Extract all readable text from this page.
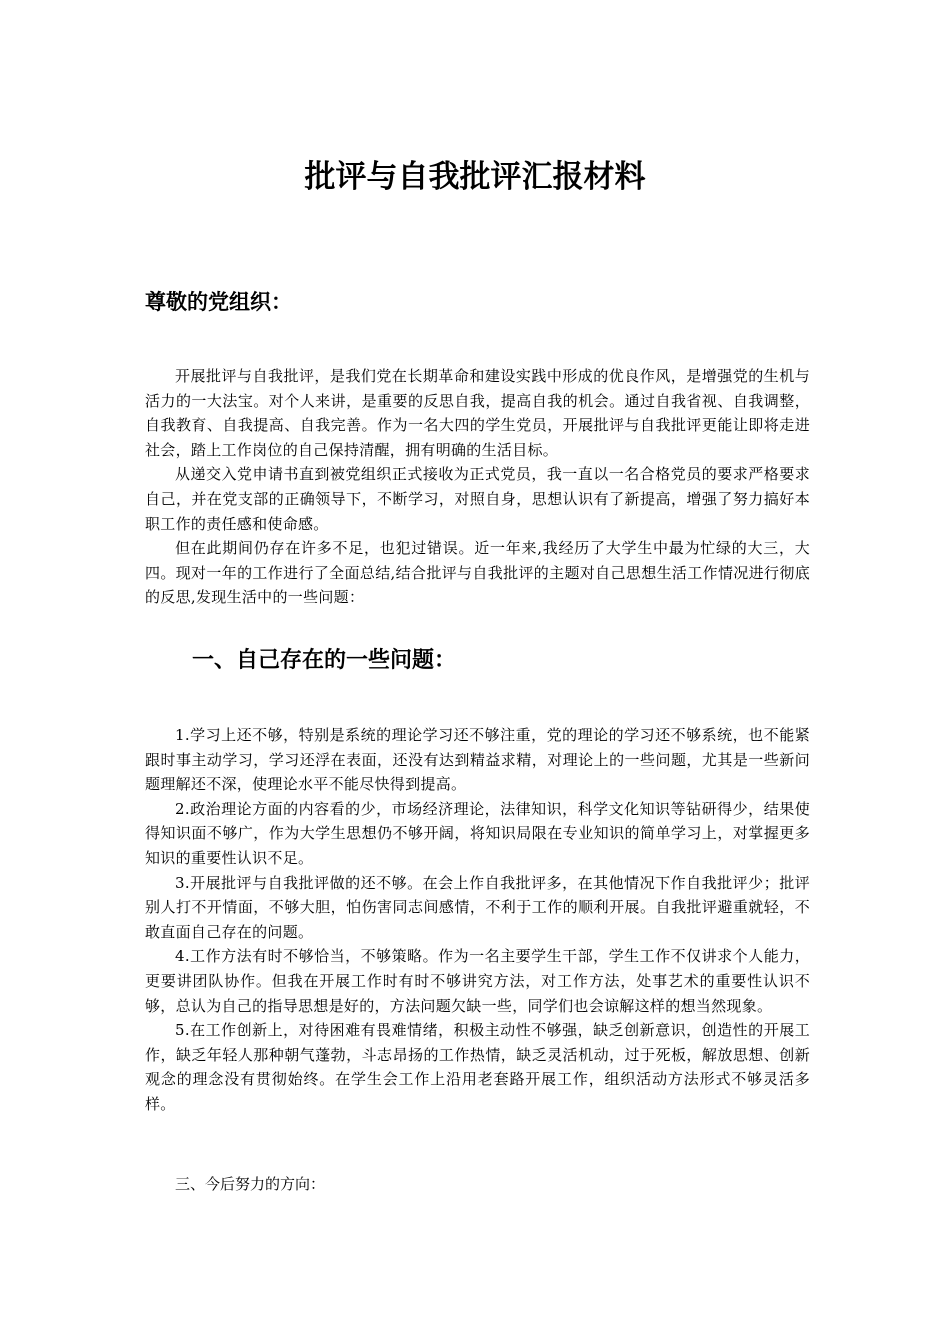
批评与自我批评汇报材料
尊敬的党组织：

开展批评与自我批评，是我们党在长期革命和建设实践中形成的优良作风，是增强党的生机与活力的一大法宝。对个人来讲，是重要的反思自我，提高自我的机会。通过自我省视、自我调整，自我教育、自我提高、自我完善。作为一名大四的学生党员，开展批评与自我批评更能让即将走进社会，踏上工作岗位的自己保持清醒，拥有明确的生活目标。

从递交入党申请书直到被党组织正式接收为正式党员，我一直以一名合格党员的要求严格要求自己，并在党支部的正确领导下，不断学习，对照自身，思想认识有了新提高，增强了努力搞好本职工作的责任感和使命感。

但在此期间仍存在许多不足，也犯过错误。近一年来,我经历了大学生中最为忙绿的大三，大四。现对一年的工作进行了全面总结,结合批评与自我批评的主题对自己思想生活工作情况进行彻底的反思,发现生活中的一些问题：

一、自己存在的一些问题：

1.学习上还不够，特别是系统的理论学习还不够注重，党的理论的学习还不够系统，也不能紧跟时事主动学习，学习还浮在表面，还没有达到精益求精，对理论上的一些问题，尤其是一些新问题理解还不深，使理论水平不能尽快得到提高。

2.政治理论方面的内容看的少，市场经济理论，法律知识，科学文化知识等钻研得少，结果使得知识面不够广，作为大学生思想仍不够开阔，将知识局限在专业知识的简单学习上，对掌握更多知识的重要性认识不足。

3.开展批评与自我批评做的还不够。在会上作自我批评多，在其他情况下作自我批评少；批评别人打不开情面，不够大胆，怕伤害同志间感情，不利于工作的顺利开展。自我批评避重就轻，不敢直面自己存在的问题。

4.工作方法有时不够恰当，不够策略。作为一名主要学生干部，学生工作不仅讲求个人能力，更要讲团队协作。但我在开展工作时有时不够讲究方法，对工作方法，处事艺术的重要性认识不够，总认为自己的指导思想是好的，方法问题欠缺一些，同学们也会谅解这样的想当然现象。

5.在工作创新上，对待困难有畏难情绪，积极主动性不够强，缺乏创新意识，创造性的开展工作，缺乏年轻人那种朝气蓬勃，斗志昂扬的工作热情，缺乏灵活机动，过于死板，解放思想、创新观念的理念没有贯彻始终。在学生会工作上沿用老套路开展工作，组织活动方法形式不够灵活多样。

三、今后努力的方向：
